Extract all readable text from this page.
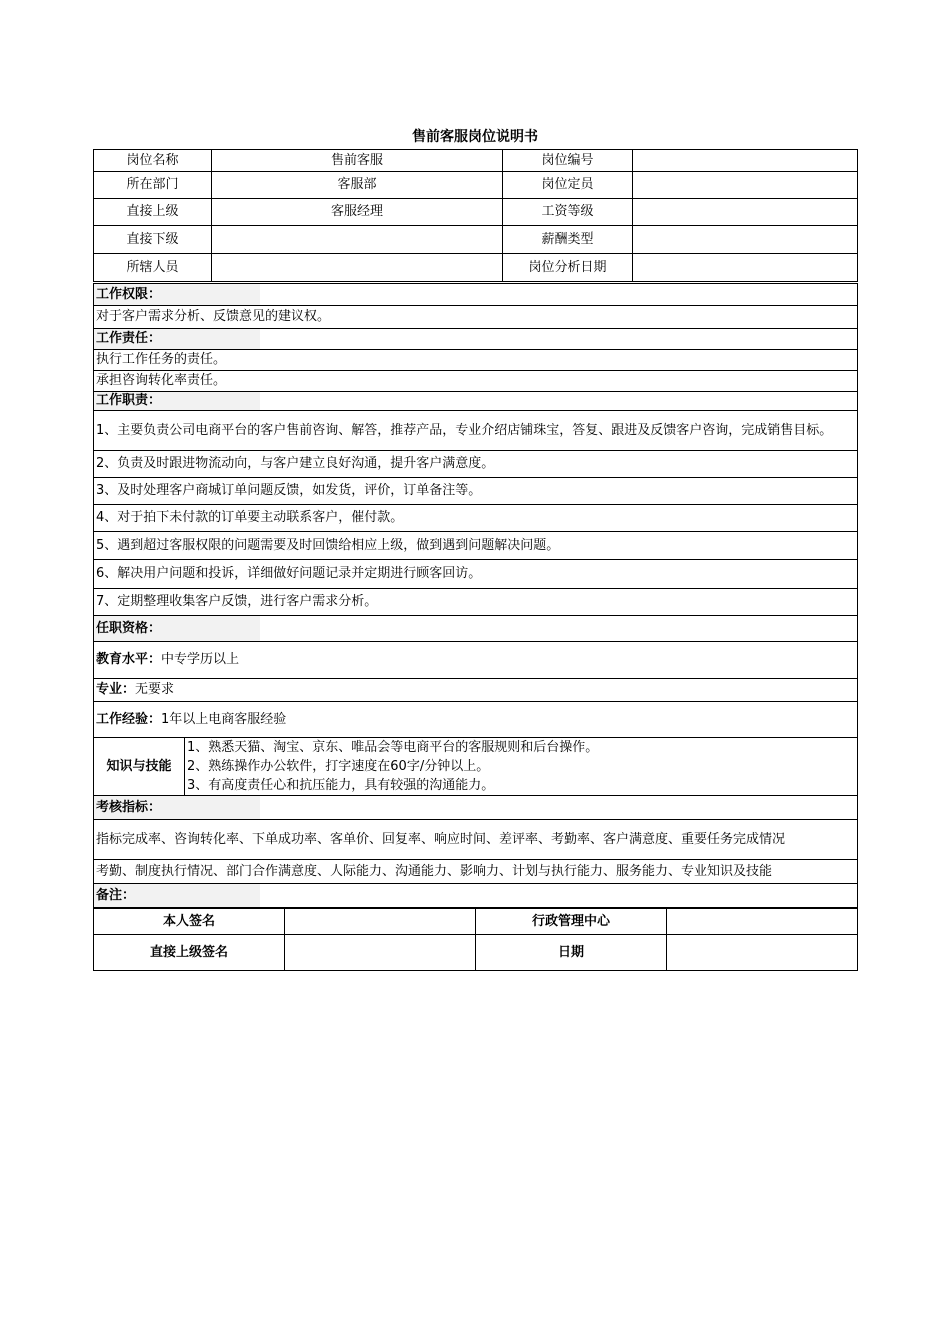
售前客服岗位说明书
岗位名称	售前客服	岗位编号	
所在部门	客服部	岗位定员	
直接上级	客服经理	工资等级	
直接下级		薪酬类型	
所辖人员		岗位分析日期	
工作权限：		
对于客户需求分析、反馈意见的建议权。		
工作责任：		
执行工作任务的责任。		
承担咨询转化率责任。		
工作职责：		
1、主要负责公司电商平台的客户售前咨询、解答，推荐产品，专业介绍店铺珠宝，答复、跟进及反馈客户咨询，完成销售目标。		
2、负责及时跟进物流动向，与客户建立良好沟通，提升客户满意度。		
3、及时处理客户商城订单问题反馈，如发货，评价，订单备注等。		
4、对于拍下未付款的订单要主动联系客户，催付款。		
5、遇到超过客服权限的问题需要及时回馈给相应上级，做到遇到问题解决问题。		
6、解决用户问题和投诉，详细做好问题记录并定期进行顾客回访。		
7、定期整理收集客户反馈，进行客户需求分析。		
任职资格：		
教育水平：中专学历以上		
专业：无要求		
工作经验：1年以上电商客服经验		
知识与技能	1、熟悉天猫、淘宝、京东、唯品会等电商平台的客服规则和后台操作。
2、熟练操作办公软件，打字速度在60字/分钟以上。
3、有高度责任心和抗压能力，具有较强的沟通能力。	

考核指标：		
指标完成率、咨询转化率、下单成功率、客单价、回复率、响应时间、差评率、考勤率、客户满意度、重要任务完成情况		
考勤、制度执行情况、部门合作满意度、人际能力、沟通能力、影响力、计划与执行能力、服务能力、专业知识及技能		
备注：		
本人签名		行政管理中心	
直接上级签名		日期	
